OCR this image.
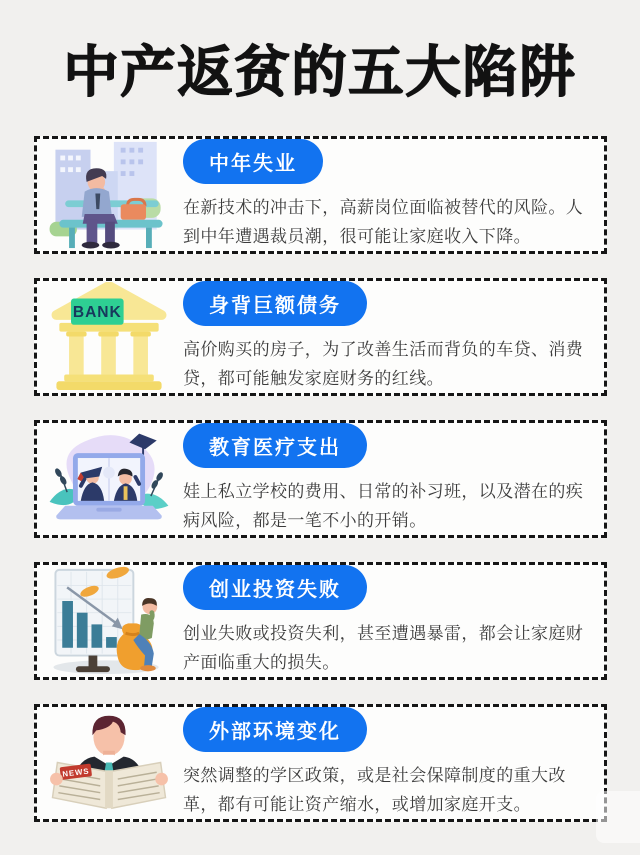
中产返贫的五大陷阱
中年失业

在新技术的冲击下，高薪岗位面临被替代的风险。人到中年遭遇裁员潮，很可能让家庭收入下降。

BANK	身背巨额债务

高价购买的房子，为了改善生活而背负的车贷、消费贷，都可能触发家庭财务的红线。

教育医疗支出

娃上私立学校的费用、日常的补习班，以及潜在的疾病风险，都是一笔不小的开销。

创业投资失败

创业失败或投资失利，甚至遭遇暴雷，都会让家庭财产面临重大的损失。

NEWS
外部环境变化

突然调整的学区政策，或是社会保障制度的重大改革，都有可能让资产缩水，或增加家庭开支。
